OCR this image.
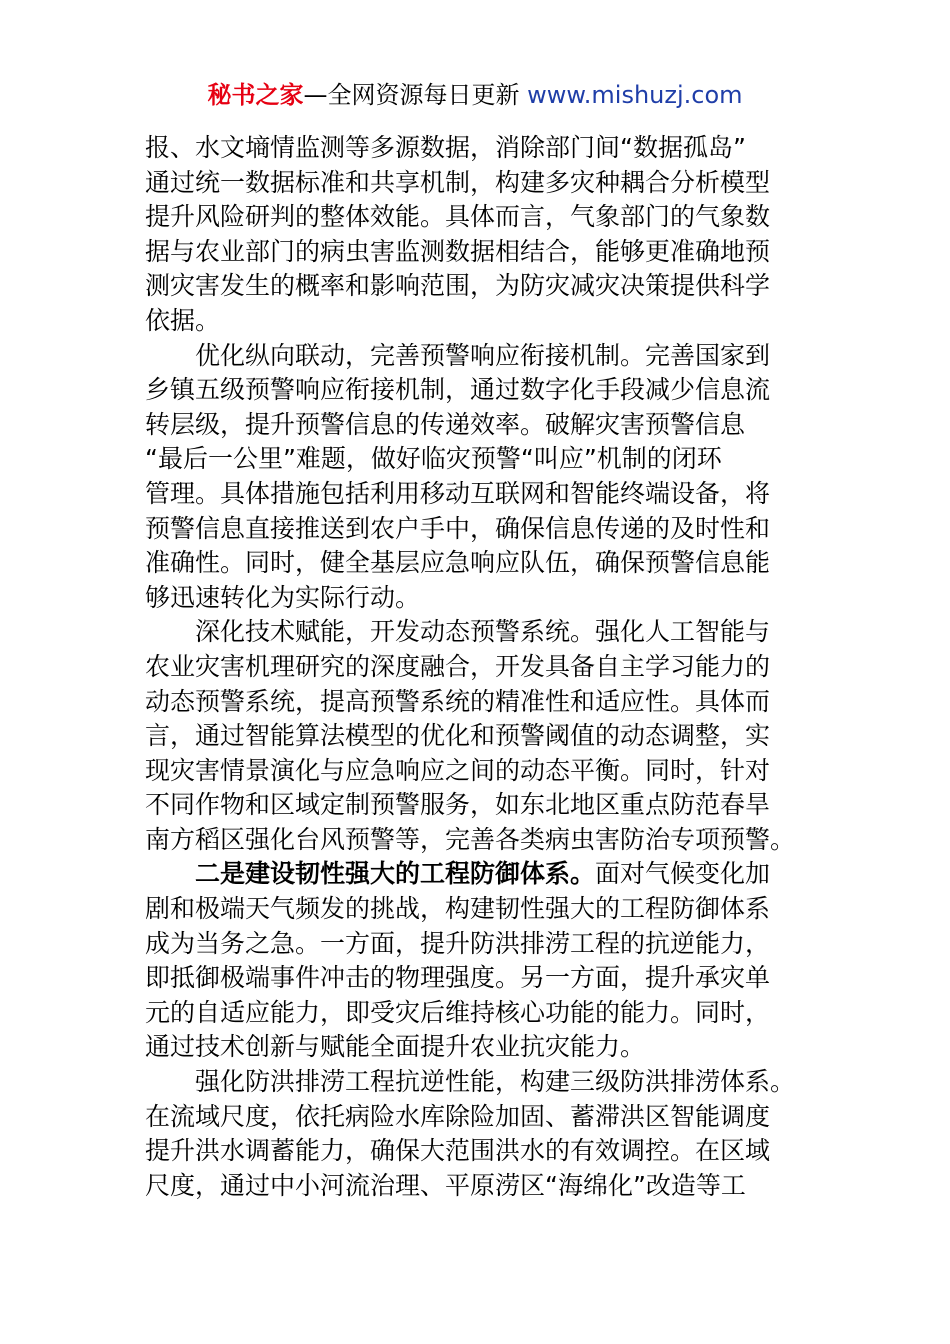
秘书之家—全网资源每日更新 www.mishuzj.com
报、水文墒情监测等多源数据，消除部门间“数据孤岛”
通过统一数据标准和共享机制，构建多灾种耦合分析模型
提升风险研判的整体效能。具体而言，气象部门的气象数
据与农业部门的病虫害监测数据相结合，能够更准确地预
测灾害发生的概率和影响范围，为防灾减灾决策提供科学
依据。
优化纵向联动，完善预警响应衔接机制。完善国家到
乡镇五级预警响应衔接机制，通过数字化手段减少信息流
转层级，提升预警信息的传递效率。破解灾害预警信息
“最后一公里”难题，做好临灾预警“叫应”机制的闭环
管理。具体措施包括利用移动互联网和智能终端设备，将
预警信息直接推送到农户手中，确保信息传递的及时性和
准确性。同时，健全基层应急响应队伍，确保预警信息能
够迅速转化为实际行动。
深化技术赋能，开发动态预警系统。强化人工智能与
农业灾害机理研究的深度融合，开发具备自主学习能力的
动态预警系统，提高预警系统的精准性和适应性。具体而
言，通过智能算法模型的优化和预警阈值的动态调整，实
现灾害情景演化与应急响应之间的动态平衡。同时，针对
不同作物和区域定制预警服务，如东北地区重点防范春旱
南方稻区强化台风预警等，完善各类病虫害防治专项预警。
二是建设韧性强大的工程防御体系。面对气候变化加
剧和极端天气频发的挑战，构建韧性强大的工程防御体系
成为当务之急。一方面，提升防洪排涝工程的抗逆能力，
即抵御极端事件冲击的物理强度。另一方面，提升承灾单
元的自适应能力，即受灾后维持核心功能的能力。同时，
通过技术创新与赋能全面提升农业抗灾能力。
强化防洪排涝工程抗逆性能，构建三级防洪排涝体系。
在流域尺度，依托病险水库除险加固、蓄滞洪区智能调度
提升洪水调蓄能力，确保大范围洪水的有效调控。在区域
尺度，通过中小河流治理、平原涝区“海绵化”改造等工
